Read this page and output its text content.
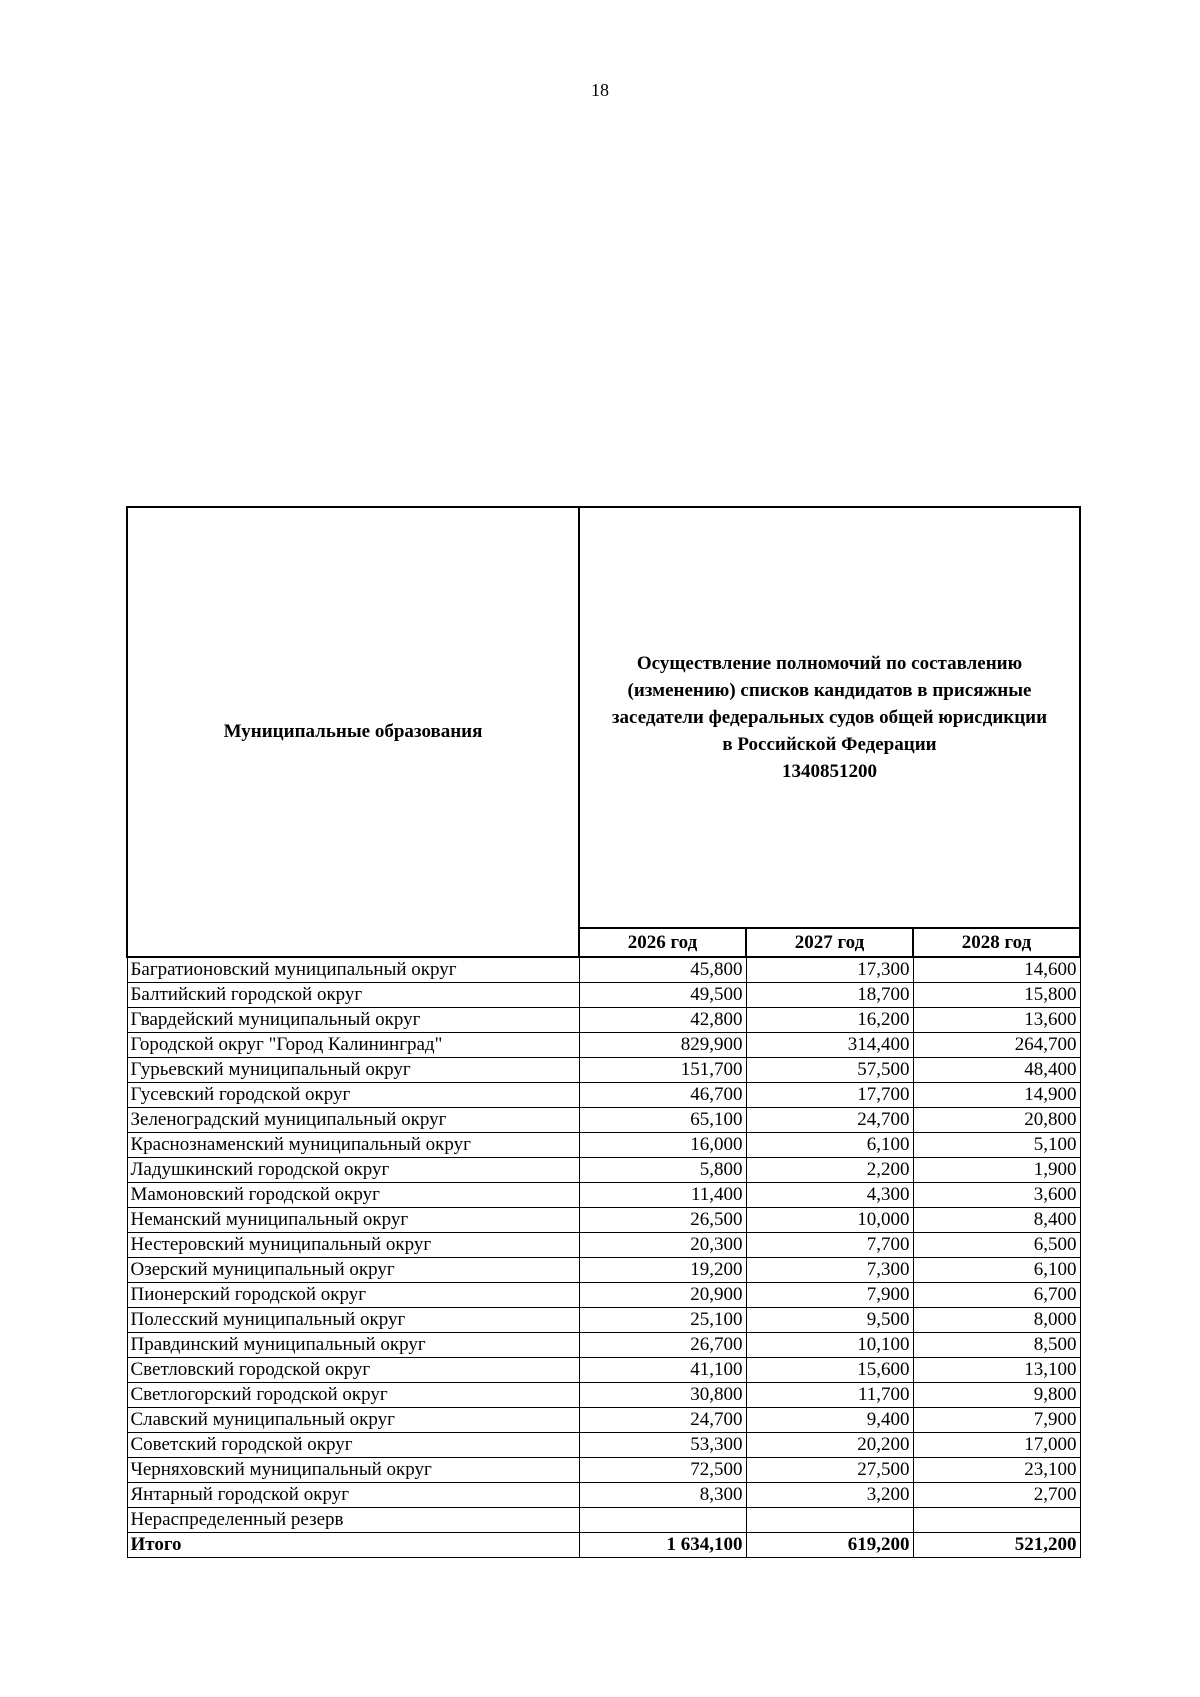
18
Муниципальные образования	Осуществление полномочий по составлению
(изменению) списков кандидатов в присяжные
заседатели федеральных судов общей юрисдикции
в Российской Федерации
1340851200		

	2026 год	2027 год	2028 год
Багратионовский муниципальный округ	45,800	17,300	14,600
Балтийский городской округ	49,500	18,700	15,800
Гвардейский муниципальный округ	42,800	16,200	13,600
Городской округ "Город Калининград"	829,900	314,400	264,700
Гурьевский муниципальный округ	151,700	57,500	48,400
Гусевский городской округ	46,700	17,700	14,900
Зеленоградский муниципальный округ	65,100	24,700	20,800
Краснознаменский муниципальный округ	16,000	6,100	5,100
Ладушкинский городской округ	5,800	2,200	1,900
Мамоновский городской округ	11,400	4,300	3,600
Неманский муниципальный округ	26,500	10,000	8,400
Нестеровский муниципальный округ	20,300	7,700	6,500
Озерский муниципальный округ	19,200	7,300	6,100
Пионерский городской округ	20,900	7,900	6,700
Полесский муниципальный округ	25,100	9,500	8,000
Правдинский муниципальный округ	26,700	10,100	8,500
Светловский городской округ	41,100	15,600	13,100
Светлогорский городской округ	30,800	11,700	9,800
Славский муниципальный округ	24,700	9,400	7,900
Советский городской округ	53,300	20,200	17,000
Черняховский муниципальный округ	72,500	27,500	23,100
Янтарный городской округ	8,300	3,200	2,700
Нераспределенный резерв			
Итого	1 634,100	619,200	521,200
